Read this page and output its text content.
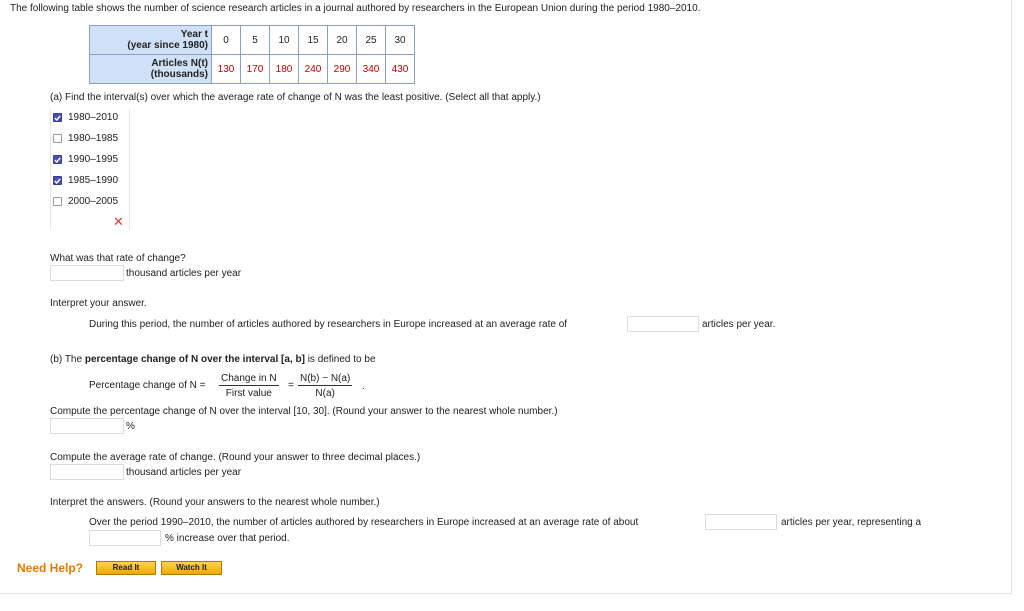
The following table shows the number of science research articles in a journal authored by researchers in the European Union during the period 1980–2010.
Year t
(year since 1980)	0	5	10	15	20	25	30

Articles N(t)
(thousands)	130	170	180	240	290	340	430
(a) Find the interval(s) over which the average rate of change of N was the least positive. (Select all that apply.)
1980–2010
1980–1985
1990–1995
1985–1990
2000–2005
✕
What was that rate of change?
thousand articles per year
Interpret your answer.
During this period, the number of articles authored by researchers in Europe increased at an average rate of	articles per year.
(b) The percentage change of N over the interval [a, b] is defined to be
Percentage change of N =
Change in N
First value
= $\frac{N(b) - N(a)}{N(a)}$ .
Compute the percentage change of N over the interval [10, 30]. (Round your answer to the nearest whole number.)
%
Compute the average rate of change. (Round your answer to three decimal places.)
thousand articles per year
Interpret the answers. (Round your answers to the nearest whole number.)
Over the period 1990–2010, the number of articles authored by researchers in Europe increased at an average rate of about	articles per year, representing a
% increase over that period.
Need Help?	Read It	Watch It
